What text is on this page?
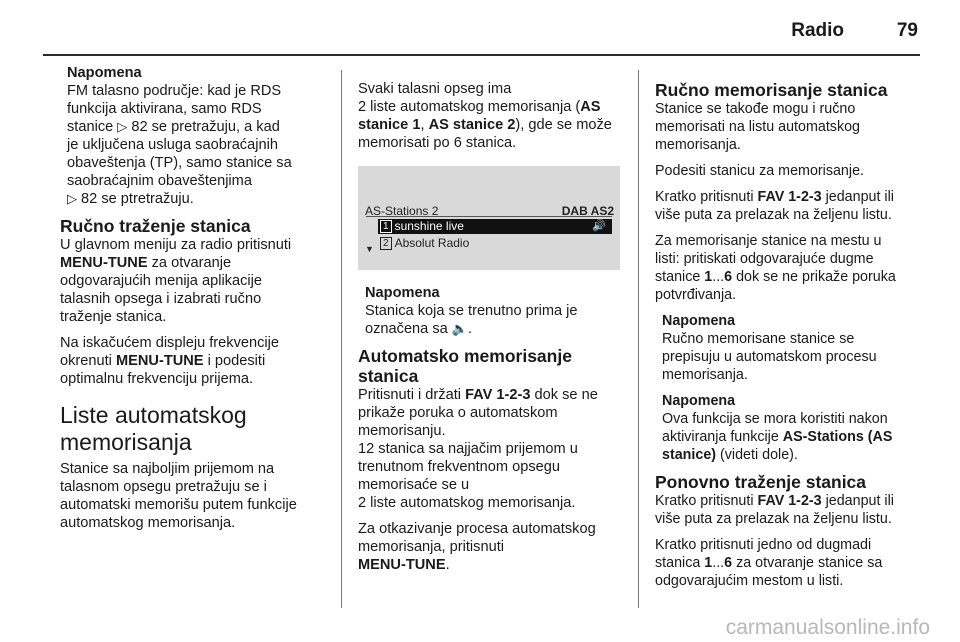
Radio	79
Napomena
FM talasno područje: kad je RDS
funkcija aktivirana, samo RDS
stanice ▷ 82 se pretražuju, a kad
je uključena usluga saobraćajnih
obaveštenja (TP), samo stanice sa
saobraćajnim obaveštenjima
▷ 82 se ptretražuju.
Ručno traženje stanica

U glavnom meniju za radio pritisnuti
MENU-TUNE za otvaranje
odgovarajućih menija aplikacije
talasnih opsega i izabrati ručno
traženje stanica.

Na iskačućem displeju frekvencije
okrenuti MENU-TUNE i podesiti
optimalnu frekvenciju prijema.

Liste automatskog
memorisanja

Stanice sa najboljim prijemom na
talasnom opsegu pretražuju se i
automatski memorišu putem funkcije
automatskog memorisanja.

Svaki talasni opseg ima
2 liste automatskog memorisanja (AS
stanice 1, AS stanice 2), gde se može
memorisati po 6 stanica.

AS-Stations 2	DAB AS2
1 sunshine live	🔊
▼ 2 Absolut Radio
Napomena
Stanica koja se trenutno prima je
označena sa 🔈.
Automatsko memorisanje
stanica

Pritisnuti i držati FAV 1-2-3 dok se ne
prikaže poruka o automatskom
memorisanju.
12 stanica sa najjačim prijemom u
trenutnom frekventnom opsegu
memorisaće se u
2 liste automatskog memorisanja.

Za otkazivanje procesa automatskog
memorisanja, pritisnuti
MENU-TUNE.

Ručno memorisanje stanica

Stanice se takođe mogu i ručno
memorisati na listu automatskog
memorisanja.

Podesiti stanicu za memorisanje.

Kratko pritisnuti FAV 1-2-3 jedanput ili
više puta za prelazak na željenu listu.

Za memorisanje stanice na mestu u
listi: pritiskati odgovarajuće dugme
stanice 1...6 dok se ne prikaže poruka
potvrđivanja.

Napomena
Ručno memorisane stanice se
prepisuju u automatskom procesu
memorisanja.
Napomena
Ova funkcija se mora koristiti nakon
aktiviranja funkcije AS-Stations (AS
stanice) (videti dole).
Ponovno traženje stanica

Kratko pritisnuti FAV 1-2-3 jedanput ili
više puta za prelazak na željenu listu.

Kratko pritisnuti jedno od dugmadi
stanica 1...6 za otvaranje stanice sa
odgovarajućim mestom u listi.

carmanualsonline.info
